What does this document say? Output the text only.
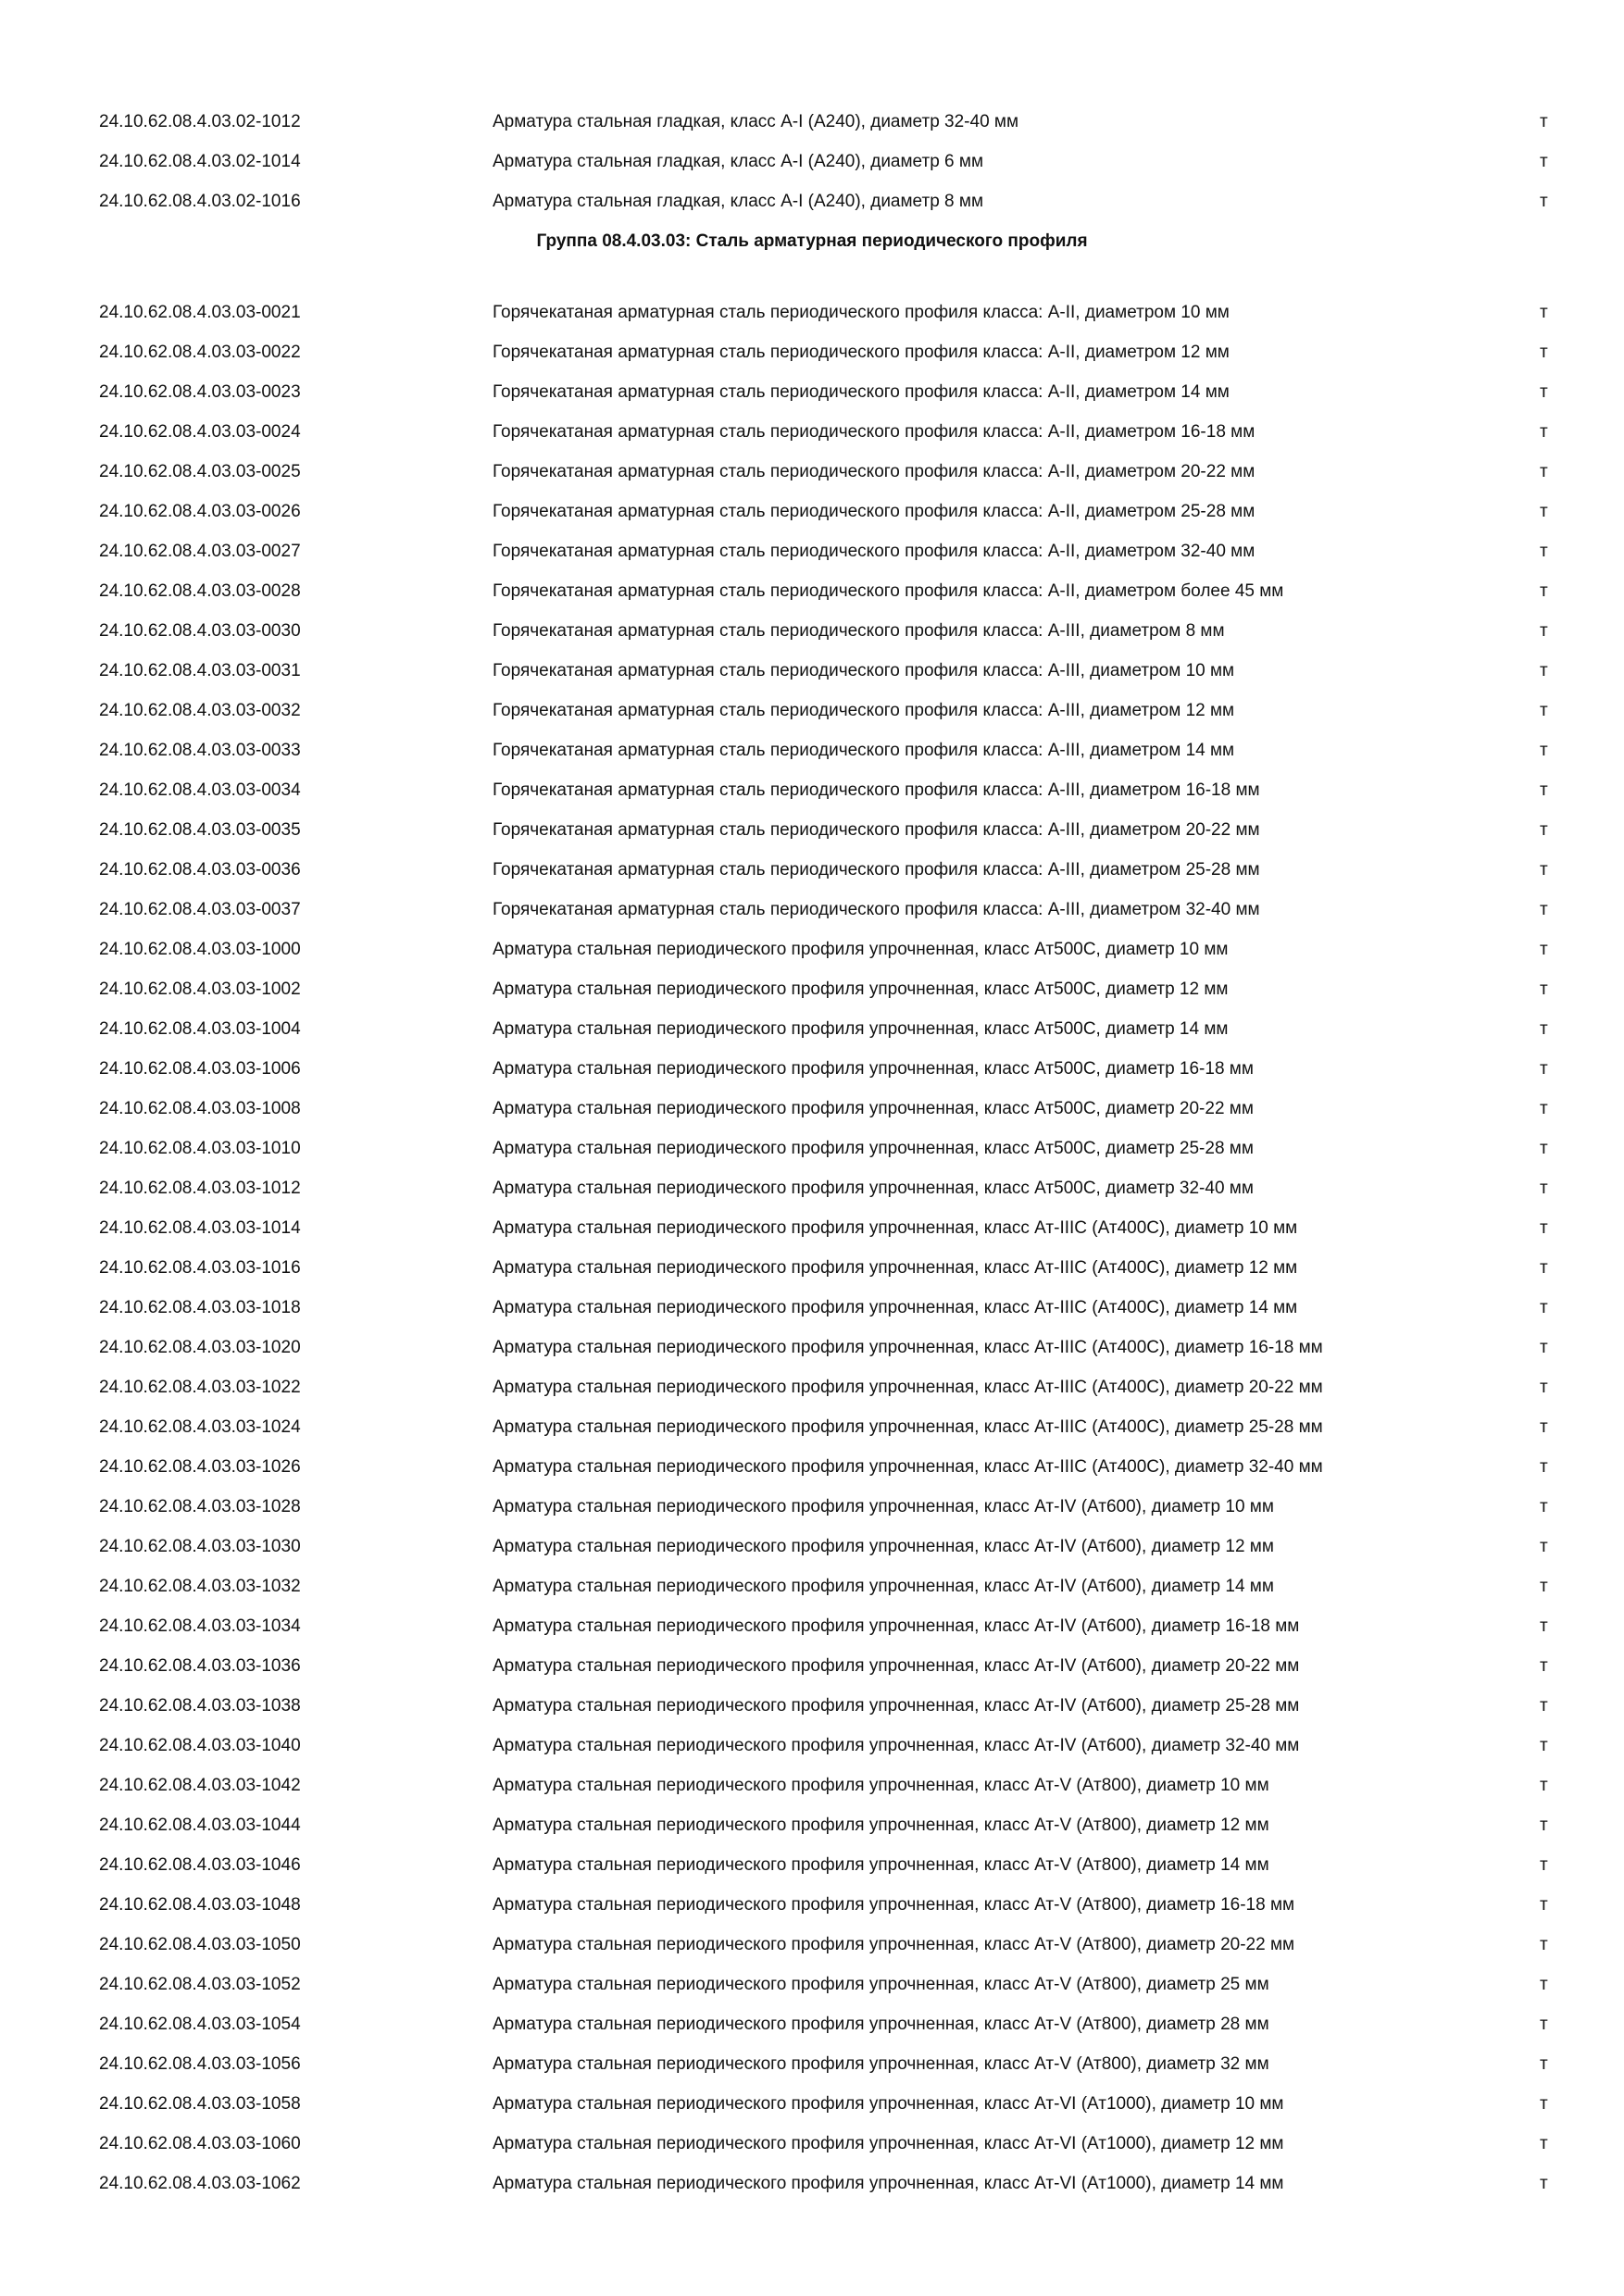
24.10.62.08.4.03.02-1012	Арматура стальная гладкая, класс А-I (А240), диаметр 32-40 мм	т
24.10.62.08.4.03.02-1014	Арматура стальная гладкая, класс А-I (А240), диаметр 6 мм	т
24.10.62.08.4.03.02-1016	Арматура стальная гладкая, класс А-I (А240), диаметр 8 мм	т
Группа 08.4.03.03: Сталь арматурная периодического профиля
24.10.62.08.4.03.03-0021	Горячекатаная арматурная сталь периодического профиля класса: А-II, диаметром 10 мм	т
24.10.62.08.4.03.03-0022	Горячекатаная арматурная сталь периодического профиля класса: А-II, диаметром 12 мм	т
24.10.62.08.4.03.03-0023	Горячекатаная арматурная сталь периодического профиля класса: А-II, диаметром 14 мм	т
24.10.62.08.4.03.03-0024	Горячекатаная арматурная сталь периодического профиля класса: А-II, диаметром 16-18 мм	т
24.10.62.08.4.03.03-0025	Горячекатаная арматурная сталь периодического профиля класса: А-II, диаметром 20-22 мм	т
24.10.62.08.4.03.03-0026	Горячекатаная арматурная сталь периодического профиля класса: А-II, диаметром 25-28 мм	т
24.10.62.08.4.03.03-0027	Горячекатаная арматурная сталь периодического профиля класса: А-II, диаметром 32-40 мм	т
24.10.62.08.4.03.03-0028	Горячекатаная арматурная сталь периодического профиля класса: А-II, диаметром более 45 мм	т
24.10.62.08.4.03.03-0030	Горячекатаная арматурная сталь периодического профиля класса: А-III, диаметром 8 мм	т
24.10.62.08.4.03.03-0031	Горячекатаная арматурная сталь периодического профиля класса: А-III, диаметром 10 мм	т
24.10.62.08.4.03.03-0032	Горячекатаная арматурная сталь периодического профиля класса: А-III, диаметром 12 мм	т
24.10.62.08.4.03.03-0033	Горячекатаная арматурная сталь периодического профиля класса: А-III, диаметром 14 мм	т
24.10.62.08.4.03.03-0034	Горячекатаная арматурная сталь периодического профиля класса: А-III, диаметром 16-18 мм	т
24.10.62.08.4.03.03-0035	Горячекатаная арматурная сталь периодического профиля класса: А-III, диаметром 20-22 мм	т
24.10.62.08.4.03.03-0036	Горячекатаная арматурная сталь периодического профиля класса: А-III, диаметром 25-28 мм	т
24.10.62.08.4.03.03-0037	Горячекатаная арматурная сталь периодического профиля класса: А-III, диаметром 32-40 мм	т
24.10.62.08.4.03.03-1000	Арматура стальная периодического профиля упрочненная, класс Ат500С, диаметр 10 мм	т
24.10.62.08.4.03.03-1002	Арматура стальная периодического профиля упрочненная, класс Ат500С, диаметр 12 мм	т
24.10.62.08.4.03.03-1004	Арматура стальная периодического профиля упрочненная, класс Ат500С, диаметр 14 мм	т
24.10.62.08.4.03.03-1006	Арматура стальная периодического профиля упрочненная, класс Ат500С, диаметр 16-18 мм	т
24.10.62.08.4.03.03-1008	Арматура стальная периодического профиля упрочненная, класс Ат500С, диаметр 20-22 мм	т
24.10.62.08.4.03.03-1010	Арматура стальная периодического профиля упрочненная, класс Ат500С, диаметр 25-28 мм	т
24.10.62.08.4.03.03-1012	Арматура стальная периодического профиля упрочненная, класс Ат500С, диаметр 32-40 мм	т
24.10.62.08.4.03.03-1014	Арматура стальная периодического профиля упрочненная, класс Ат-IIIС (Ат400С), диаметр 10 мм	т
24.10.62.08.4.03.03-1016	Арматура стальная периодического профиля упрочненная, класс Ат-IIIС (Ат400С), диаметр 12 мм	т
24.10.62.08.4.03.03-1018	Арматура стальная периодического профиля упрочненная, класс Ат-IIIС (Ат400С), диаметр 14 мм	т
24.10.62.08.4.03.03-1020	Арматура стальная периодического профиля упрочненная, класс Ат-IIIС (Ат400С), диаметр 16-18 мм	т
24.10.62.08.4.03.03-1022	Арматура стальная периодического профиля упрочненная, класс Ат-IIIС (Ат400С), диаметр 20-22 мм	т
24.10.62.08.4.03.03-1024	Арматура стальная периодического профиля упрочненная, класс Ат-IIIС (Ат400С), диаметр 25-28 мм	т
24.10.62.08.4.03.03-1026	Арматура стальная периодического профиля упрочненная, класс Ат-IIIС (Ат400С), диаметр 32-40 мм	т
24.10.62.08.4.03.03-1028	Арматура стальная периодического профиля упрочненная, класс Ат-IV (Ат600), диаметр 10 мм	т
24.10.62.08.4.03.03-1030	Арматура стальная периодического профиля упрочненная, класс Ат-IV (Ат600), диаметр 12 мм	т
24.10.62.08.4.03.03-1032	Арматура стальная периодического профиля упрочненная, класс Ат-IV (Ат600), диаметр 14 мм	т
24.10.62.08.4.03.03-1034	Арматура стальная периодического профиля упрочненная, класс Ат-IV (Ат600), диаметр 16-18 мм	т
24.10.62.08.4.03.03-1036	Арматура стальная периодического профиля упрочненная, класс Ат-IV (Ат600), диаметр 20-22 мм	т
24.10.62.08.4.03.03-1038	Арматура стальная периодического профиля упрочненная, класс Ат-IV (Ат600), диаметр 25-28 мм	т
24.10.62.08.4.03.03-1040	Арматура стальная периодического профиля упрочненная, класс Ат-IV (Ат600), диаметр 32-40 мм	т
24.10.62.08.4.03.03-1042	Арматура стальная периодического профиля упрочненная, класс Ат-V (Ат800), диаметр 10 мм	т
24.10.62.08.4.03.03-1044	Арматура стальная периодического профиля упрочненная, класс Ат-V (Ат800), диаметр 12 мм	т
24.10.62.08.4.03.03-1046	Арматура стальная периодического профиля упрочненная, класс Ат-V (Ат800), диаметр 14 мм	т
24.10.62.08.4.03.03-1048	Арматура стальная периодического профиля упрочненная, класс Ат-V (Ат800), диаметр 16-18 мм	т
24.10.62.08.4.03.03-1050	Арматура стальная периодического профиля упрочненная, класс Ат-V (Ат800), диаметр 20-22 мм	т
24.10.62.08.4.03.03-1052	Арматура стальная периодического профиля упрочненная, класс Ат-V (Ат800), диаметр 25 мм	т
24.10.62.08.4.03.03-1054	Арматура стальная периодического профиля упрочненная, класс Ат-V (Ат800), диаметр 28 мм	т
24.10.62.08.4.03.03-1056	Арматура стальная периодического профиля упрочненная, класс Ат-V (Ат800), диаметр 32 мм	т
24.10.62.08.4.03.03-1058	Арматура стальная периодического профиля упрочненная, класс Ат-VI (Ат1000), диаметр 10 мм	т
24.10.62.08.4.03.03-1060	Арматура стальная периодического профиля упрочненная, класс Ат-VI (Ат1000), диаметр 12 мм	т
24.10.62.08.4.03.03-1062	Арматура стальная периодического профиля упрочненная, класс Ат-VI (Ат1000), диаметр 14 мм	т
